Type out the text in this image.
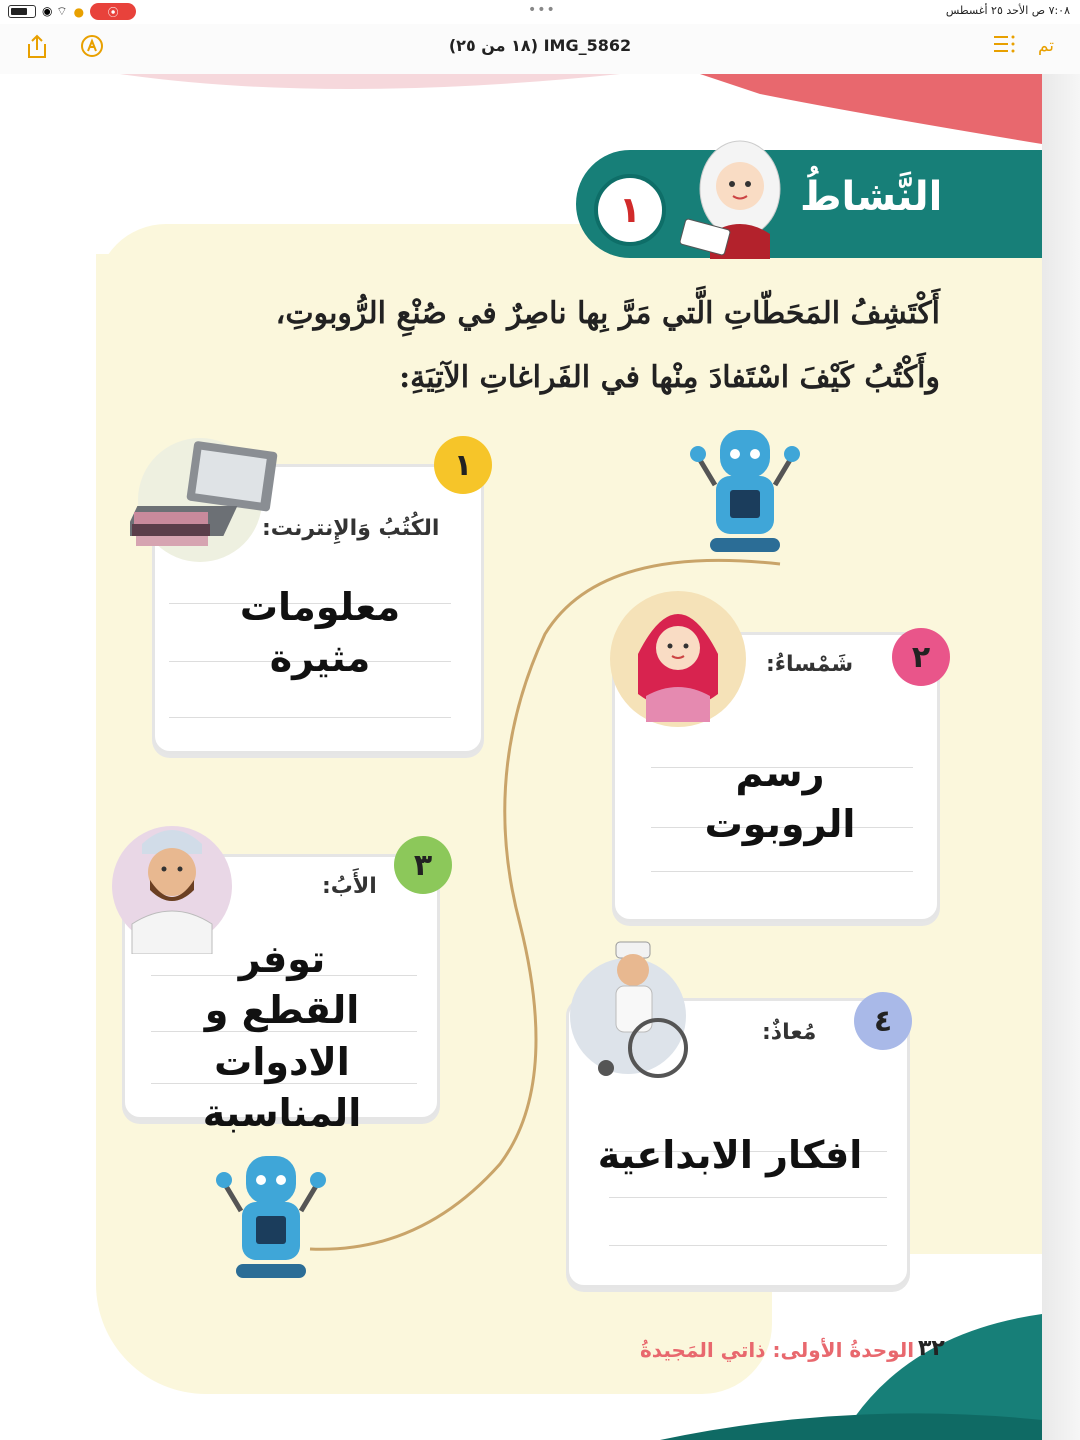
◉ ⌔ ●	⦿	•••	٧:٠٨ ص الأحد ٢٥ أغسطس
IMG_5862 (١٨ من ٢٥)	تم
النَّشاطُ
١
أَكْتَشِفُ المَحَطّاتِ الَّتي مَرَّ بِها ناصِرٌ في صُنْعِ الرُّوبوتِ،
وأَكْتُبُ كَيْفَ اسْتَفادَ مِنْها في الفَراغاتِ الآتِيَةِ:
الكُتُبُ وَالإِنترنت:
١
معلومات
مثيرة	شَمْساءُ:	٢
رسم
الروبوت
الأَبُ:
٣
توفر
القطع و
الادوات المناسبة
مُعاذٌ:	٤
افكار الابداعية
الوحدةُ الأولى: ذاتي المَجيدةُ ٣٢
